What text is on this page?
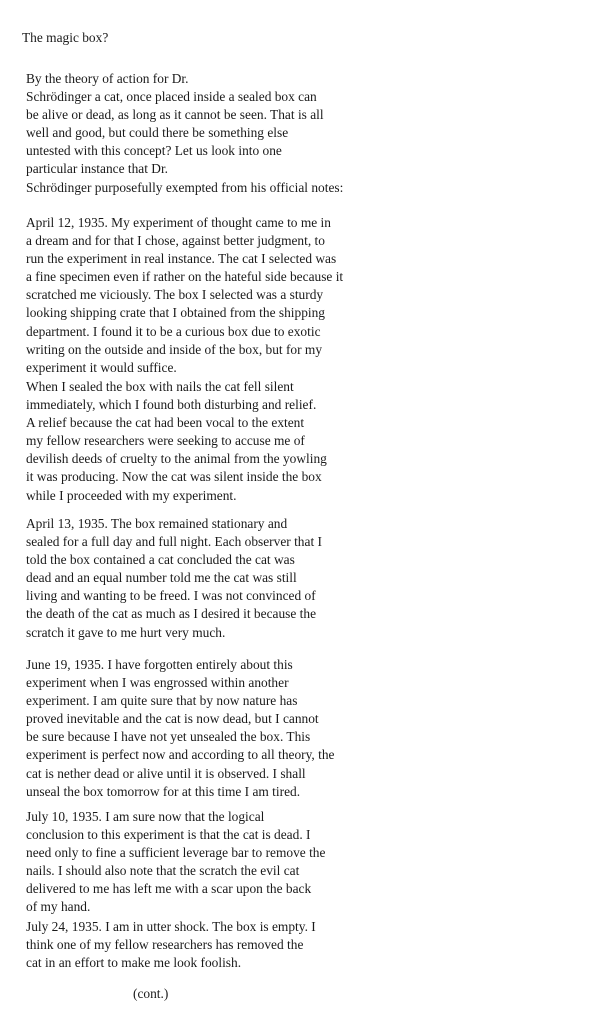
The magic box?
By the theory of action for Dr.
Schrödinger a cat, once placed inside a sealed box can
be alive or dead, as long as it cannot be seen. That is all
well and good, but could there be something else
untested with this concept? Let us look into one
particular instance that Dr.
Schrödinger purposefully exempted from his official notes:
April 12, 1935. My experiment of thought came to me in
a dream and for that I chose, against better judgment, to
run the experiment in real instance. The cat I selected was
a fine specimen even if rather on the hateful side because it
scratched me viciously. The box I selected was a sturdy
looking shipping crate that I obtained from the shipping
department. I found it to be a curious box due to exotic
writing on the outside and inside of the box, but for my
experiment it would suffice.
When I sealed the box with nails the cat fell silent
immediately, which I found both disturbing and relief.
A relief because the cat had been vocal to the extent
my fellow researchers were seeking to accuse me of
devilish deeds of cruelty to the animal from the yowling
it was producing. Now the cat was silent inside the box
while I proceeded with my experiment.
April 13, 1935. The box remained stationary and
sealed for a full day and full night. Each observer that I
told the box contained a cat concluded the cat was
dead and an equal number told me the cat was still
living and wanting to be freed. I was not convinced of
the death of the cat as much as I desired it because the
scratch it gave to me hurt very much.
June 19, 1935. I have forgotten entirely about this
experiment when I was engrossed within another
experiment. I am quite sure that by now nature has
proved inevitable and the cat is now dead, but I cannot
be sure because I have not yet unsealed the box. This
experiment is perfect now and according to all theory, the
cat is nether dead or alive until it is observed. I shall
unseal the box tomorrow for at this time I am tired.
July 10, 1935. I am sure now that the logical
conclusion to this experiment is that the cat is dead. I
need only to fine a sufficient leverage bar to remove the
nails. I should also note that the scratch the evil cat
delivered to me has left me with a scar upon the back
of my hand.
July 24, 1935. I am in utter shock. The box is empty. I
think one of my fellow researchers has removed the
cat in an effort to make me look foolish.

(cont.)
